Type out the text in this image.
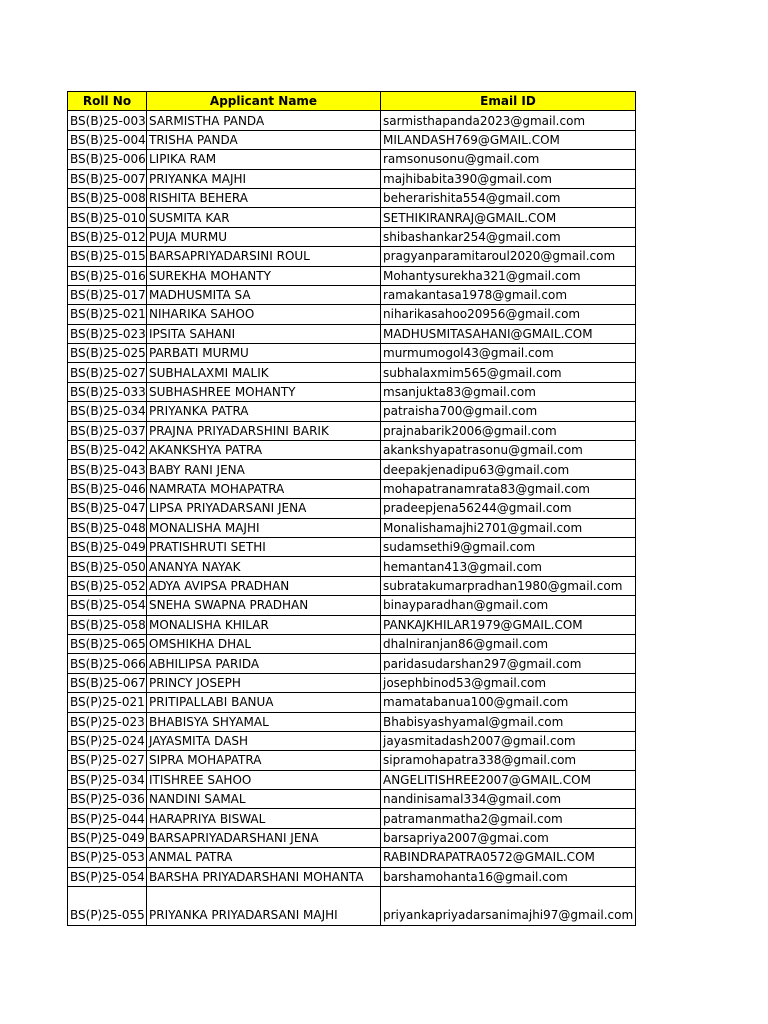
Roll No	Applicant Name	Email ID
BS(B)25-003	SARMISTHA PANDA	sarmisthapanda2023@gmail.com
BS(B)25-004	TRISHA PANDA	MILANDASH769@GMAIL.COM
BS(B)25-006	LIPIKA RAM	ramsonusonu@gmail.com
BS(B)25-007	PRIYANKA MAJHI	majhibabita390@gmail.com
BS(B)25-008	RISHITA BEHERA	beherarishita554@gmail.com
BS(B)25-010	SUSMITA KAR	SETHIKIRANRAJ@GMAIL.COM
BS(B)25-012	PUJA MURMU	shibashankar254@gmail.com
BS(B)25-015	BARSAPRIYADARSINI ROUL	pragyanparamitaroul2020@gmail.com
BS(B)25-016	SUREKHA MOHANTY	Mohantysurekha321@gmail.com
BS(B)25-017	MADHUSMITA SA	ramakantasa1978@gmail.com
BS(B)25-021	NIHARIKA SAHOO	niharikasahoo20956@gmail.com
BS(B)25-023	IPSITA SAHANI	MADHUSMITASAHANI@GMAIL.COM
BS(B)25-025	PARBATI MURMU	murmumogol43@gmail.com
BS(B)25-027	SUBHALAXMI MALIK	subhalaxmim565@gmail.com
BS(B)25-033	SUBHASHREE MOHANTY	msanjukta83@gmail.com
BS(B)25-034	PRIYANKA PATRA	patraisha700@gmail.com
BS(B)25-037	PRAJNA PRIYADARSHINI BARIK	prajnabarik2006@gmail.com
BS(B)25-042	AKANKSHYA PATRA	akankshyapatrasonu@gmail.com
BS(B)25-043	BABY RANI JENA	deepakjenadipu63@gmail.com
BS(B)25-046	NAMRATA MOHAPATRA	mohapatranamrata83@gmail.com
BS(B)25-047	LIPSA PRIYADARSANI JENA	pradeepjena56244@gmail.com
BS(B)25-048	MONALISHA MAJHI	Monalishamajhi2701@gmail.com
BS(B)25-049	PRATISHRUTI SETHI	sudamsethi9@gmail.com
BS(B)25-050	ANANYA NAYAK	hemantan413@gmail.com
BS(B)25-052	ADYA AVIPSA PRADHAN	subratakumarpradhan1980@gmail.com
BS(B)25-054	SNEHA SWAPNA PRADHAN	binayparadhan@gmail.com
BS(B)25-058	MONALISHA KHILAR	PANKAJKHILAR1979@GMAIL.COM
BS(B)25-065	OMSHIKHA DHAL	dhalniranjan86@gmail.com
BS(B)25-066	ABHILIPSA PARIDA	paridasudarshan297@gmail.com
BS(B)25-067	PRINCY JOSEPH	josephbinod53@gmail.com
BS(P)25-021	PRITIPALLABI BANUA	mamatabanua100@gmail.com
BS(P)25-023	BHABISYA SHYAMAL	Bhabisyashyamal@gmail.com
BS(P)25-024	JAYASMITA DASH	jayasmitadash2007@gmail.com
BS(P)25-027	SIPRA MOHAPATRA	sipramohapatra338@gmail.com
BS(P)25-034	ITISHREE SAHOO	ANGELITISHREE2007@GMAIL.COM
BS(P)25-036	NANDINI SAMAL	nandinisamal334@gmail.com
BS(P)25-044	HARAPRIYA BISWAL	patramanmatha2@gmail.com
BS(P)25-049	BARSAPRIYADARSHANI JENA	barsapriya2007@gmai.com
BS(P)25-053	ANMAL PATRA	RABINDRAPATRA0572@GMAIL.COM
BS(P)25-054	BARSHA PRIYADARSHANI MOHANTA	barshamohanta16@gmail.com
BS(P)25-055	PRIYANKA PRIYADARSANI MAJHI	priyankapriyadarsanimajhi97@gmail.com
